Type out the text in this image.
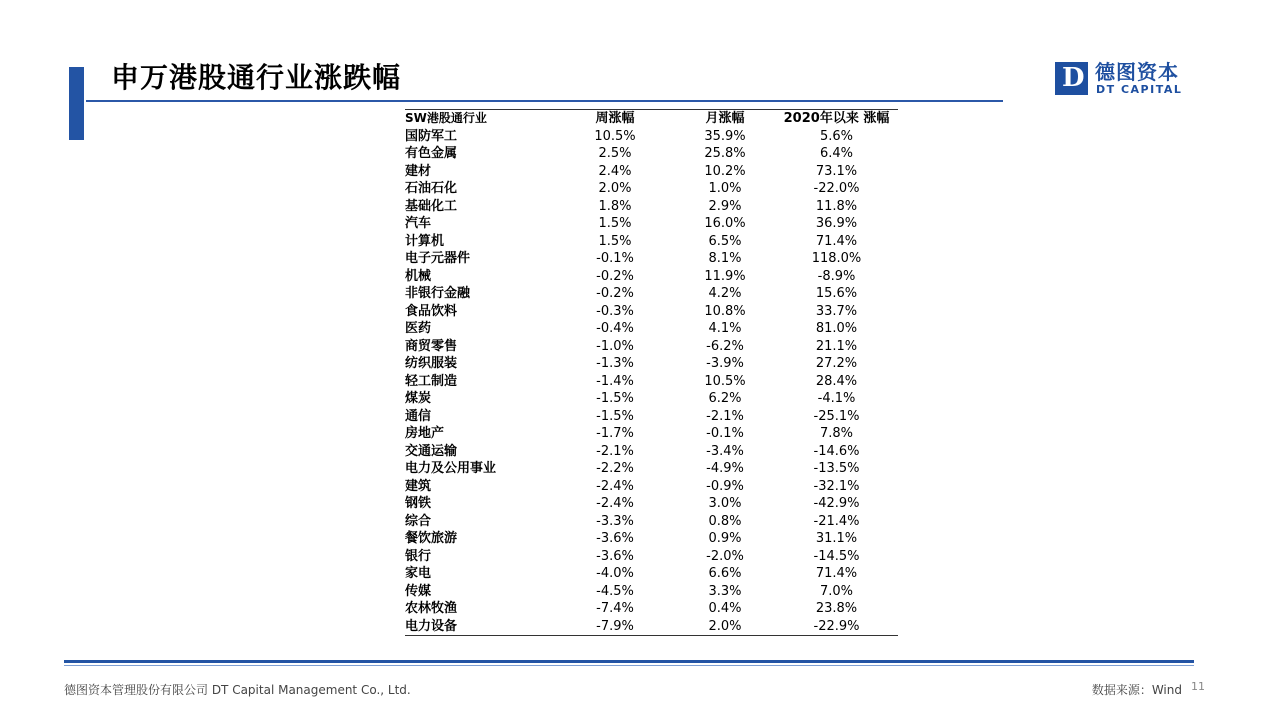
申万港股通行业涨跌幅	D 德图资本
DT CAPITAL
SW港股通行业	周涨幅	月涨幅	2020年以来 涨幅
国防军工	10.5%	35.9%	5.6%
有色金属	2.5%	25.8%	6.4%
建材	2.4%	10.2%	73.1%
石油石化	2.0%	1.0%	-22.0%
基础化工	1.8%	2.9%	11.8%
汽车	1.5%	16.0%	36.9%
计算机	1.5%	6.5%	71.4%
电子元器件	-0.1%	8.1%	118.0%
机械	-0.2%	11.9%	-8.9%
非银行金融	-0.2%	4.2%	15.6%
食品饮料	-0.3%	10.8%	33.7%
医药	-0.4%	4.1%	81.0%
商贸零售	-1.0%	-6.2%	21.1%
纺织服装	-1.3%	-3.9%	27.2%
轻工制造	-1.4%	10.5%	28.4%
煤炭	-1.5%	6.2%	-4.1%
通信	-1.5%	-2.1%	-25.1%
房地产	-1.7%	-0.1%	7.8%
交通运输	-2.1%	-3.4%	-14.6%
电力及公用事业	-2.2%	-4.9%	-13.5%
建筑	-2.4%	-0.9%	-32.1%
钢铁	-2.4%	3.0%	-42.9%
综合	-3.3%	0.8%	-21.4%
餐饮旅游	-3.6%	0.9%	31.1%
银行	-3.6%	-2.0%	-14.5%
家电	-4.0%	6.6%	71.4%
传媒	-4.5%	3.3%	7.0%
农林牧渔	-7.4%	0.4%	23.8%
电力设备	-7.9%	2.0%	-22.9%
德图资本管理股份有限公司 DT Capital Management Co., Ltd.	数据来源：Wind 11
